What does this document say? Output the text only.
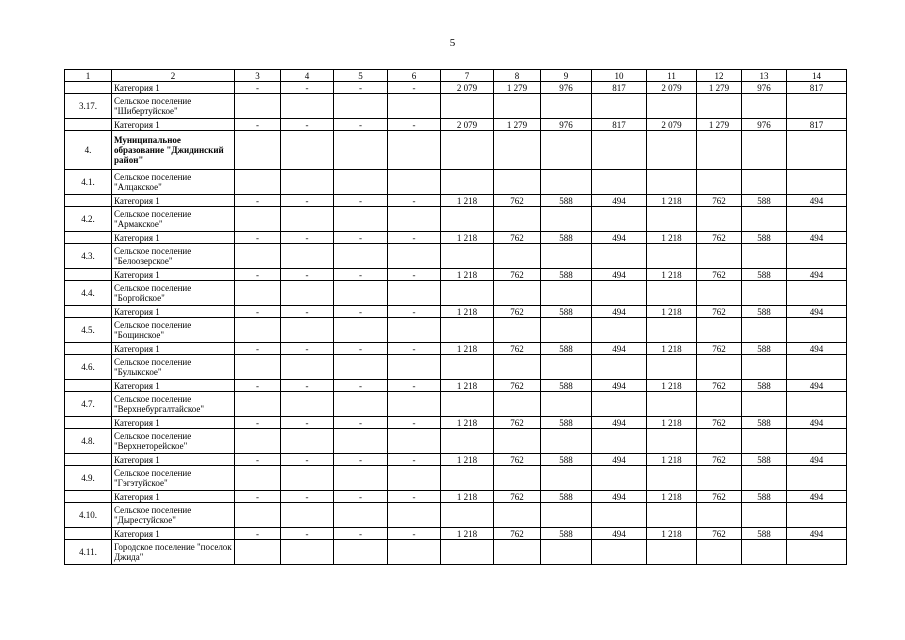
5
1	2	3	4	5	6	7	8	9	10	11	12	13	14
	Категория 1	-	-	-	-	2 079	1 279	976	817	2 079	1 279	976	817
3.17.	Сельское поселение "Шибертуйское"												
	Категория 1	-	-	-	-	2 079	1 279	976	817	2 079	1 279	976	817
4.	Муниципальное образование "Джидинский район"												
4.1.	Сельское поселение "Алцакское"												
	Категория 1	-	-	-	-	1 218	762	588	494	1 218	762	588	494
4.2.	Сельское поселение "Армакское"												
	Категория 1	-	-	-	-	1 218	762	588	494	1 218	762	588	494
4.3.	Сельское поселение "Белоозерское"												
	Категория 1	-	-	-	-	1 218	762	588	494	1 218	762	588	494
4.4.	Сельское поселение "Боргойское"												
	Категория 1	-	-	-	-	1 218	762	588	494	1 218	762	588	494
4.5.	Сельское поселение "Бощинское"												
	Категория 1	-	-	-	-	1 218	762	588	494	1 218	762	588	494
4.6.	Сельское поселение "Булыкское"												
	Категория 1	-	-	-	-	1 218	762	588	494	1 218	762	588	494
4.7.	Сельское поселение "Верхнебургалтайское"												
	Категория 1	-	-	-	-	1 218	762	588	494	1 218	762	588	494
4.8.	Сельское поселение "Верхнеторейское"												
	Категория 1	-	-	-	-	1 218	762	588	494	1 218	762	588	494
4.9.	Сельское поселение "Гэгэтуйское"												
	Категория 1	-	-	-	-	1 218	762	588	494	1 218	762	588	494
4.10.	Сельское поселение "Дырестуйское"												
	Категория 1	-	-	-	-	1 218	762	588	494	1 218	762	588	494
4.11.	Городское поселение "поселок Джида"												
